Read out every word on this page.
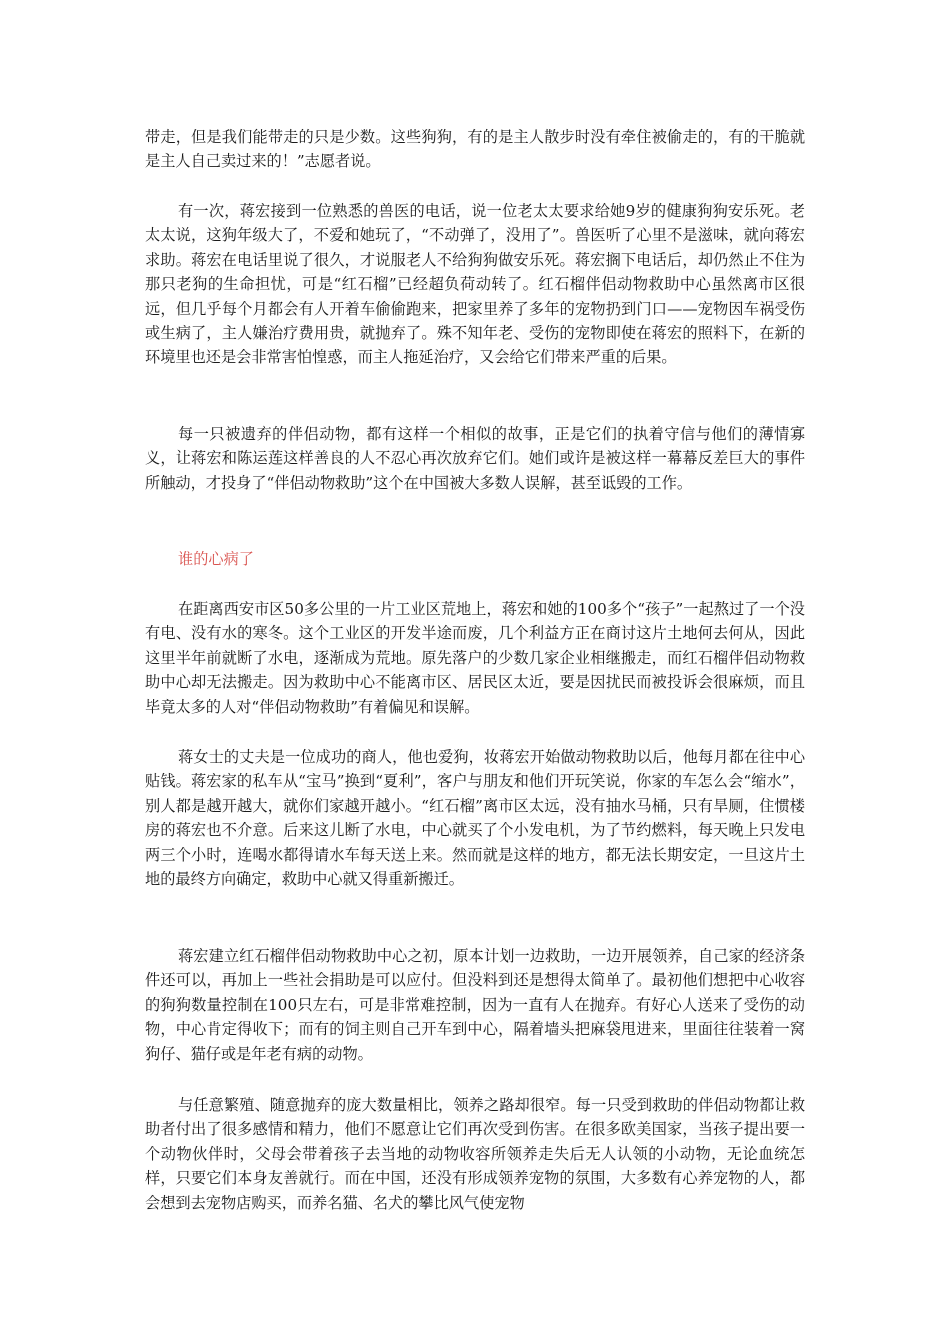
带走，但是我们能带走的只是少数。这些狗狗，有的是主人散步时没有牵住被偷走的，有的干脆就是主人自己卖过来的！”志愿者说。

有一次，蒋宏接到一位熟悉的兽医的电话，说一位老太太要求给她9岁的健康狗狗安乐死。老太太说，这狗年级大了，不爱和她玩了，“不动弹了，没用了”。兽医听了心里不是滋味，就向蒋宏求助。蒋宏在电话里说了很久，才说服老人不给狗狗做安乐死。蒋宏搁下电话后，却仍然止不住为那只老狗的生命担忧，可是“红石榴”已经超负荷动转了。红石榴伴侣动物救助中心虽然离市区很远，但几乎每个月都会有人开着车偷偷跑来，把家里养了多年的宠物扔到门口——宠物因车祸受伤或生病了，主人嫌治疗费用贵，就抛弃了。殊不知年老、受伤的宠物即使在蒋宏的照料下，在新的环境里也还是会非常害怕惶惑，而主人拖延治疗，又会给它们带来严重的后果。

每一只被遗弃的伴侣动物，都有这样一个相似的故事，正是它们的执着守信与他们的薄情寡义，让蒋宏和陈运莲这样善良的人不忍心再次放弃它们。她们或许是被这样一幕幕反差巨大的事件所触动，才投身了“伴侣动物救助”这个在中国被大多数人误解，甚至诋毁的工作。

谁的心病了

在距离西安市区50多公里的一片工业区荒地上，蒋宏和她的100多个“孩子”一起熬过了一个没有电、没有水的寒冬。这个工业区的开发半途而废，几个利益方正在商讨这片土地何去何从，因此这里半年前就断了水电，逐渐成为荒地。原先落户的少数几家企业相继搬走，而红石榴伴侣动物救助中心却无法搬走。因为救助中心不能离市区、居民区太近，要是因扰民而被投诉会很麻烦，而且毕竟太多的人对“伴侣动物救助”有着偏见和误解。

蒋女士的丈夫是一位成功的商人，他也爱狗，妆蒋宏开始做动物救助以后，他每月都在往中心贴钱。蒋宏家的私车从“宝马”换到“夏利”，客户与朋友和他们开玩笑说，你家的车怎么会“缩水”，别人都是越开越大，就你们家越开越小。“红石榴”离市区太远，没有抽水马桶，只有旱厕，住惯楼房的蒋宏也不介意。后来这儿断了水电，中心就买了个小发电机，为了节约燃料，每天晚上只发电两三个小时，连喝水都得请水车每天送上来。然而就是这样的地方，都无法长期安定，一旦这片土地的最终方向确定，救助中心就又得重新搬迁。

蒋宏建立红石榴伴侣动物救助中心之初，原本计划一边救助，一边开展领养，自己家的经济条件还可以，再加上一些社会捐助是可以应付。但没料到还是想得太简单了。最初他们想把中心收容的狗狗数量控制在100只左右，可是非常难控制，因为一直有人在抛弃。有好心人送来了受伤的动物，中心肯定得收下；而有的饲主则自己开车到中心，隔着墙头把麻袋甩进来，里面往往装着一窝狗仔、猫仔或是年老有病的动物。

与任意繁殖、随意抛弃的庞大数量相比，领养之路却很窄。每一只受到救助的伴侣动物都让救助者付出了很多感情和精力，他们不愿意让它们再次受到伤害。在很多欧美国家，当孩子提出要一个动物伙伴时，父母会带着孩子去当地的动物收容所领养走失后无人认领的小动物，无论血统怎样，只要它们本身友善就行。而在中国，还没有形成领养宠物的氛围，大多数有心养宠物的人，都会想到去宠物店购买，而养名猫、名犬的攀比风气使宠物
